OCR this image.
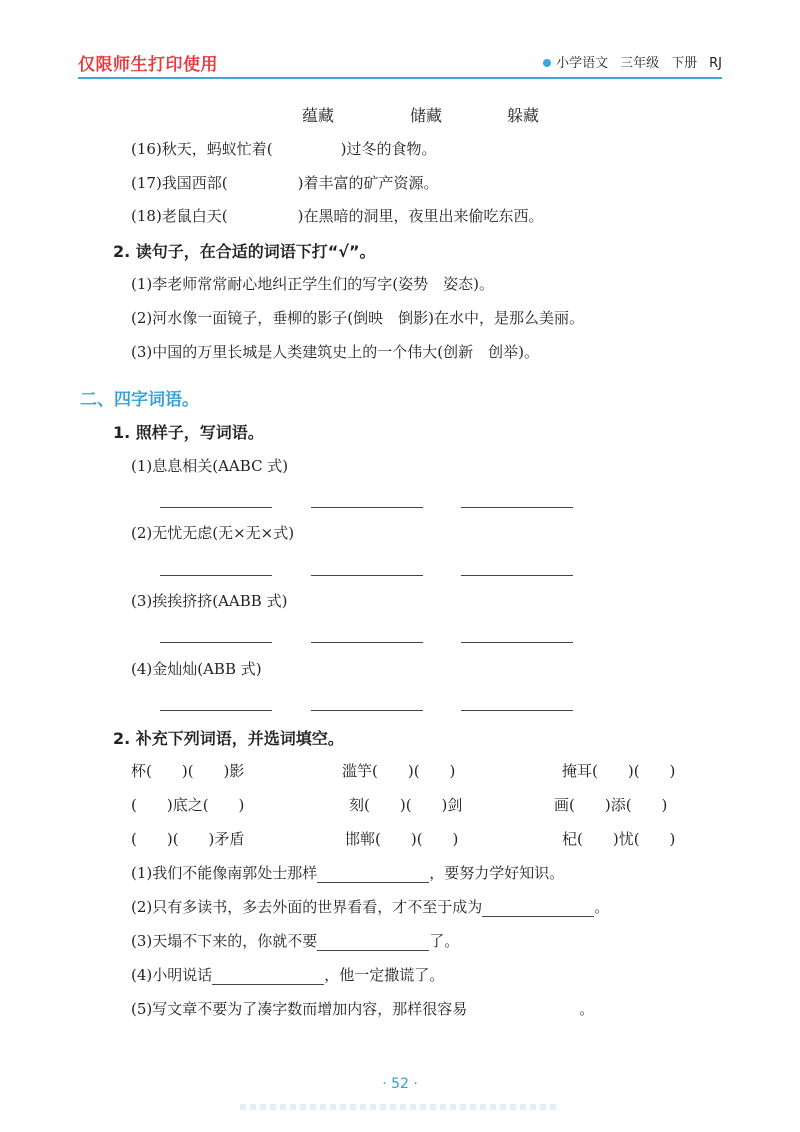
仅限师生打印使用	小学语文 三年级 下册 RJ
蕴藏	储藏	躲藏
(16)秋天，蚂蚁忙着(	)过冬的食物。
(17)我国西部(	)着丰富的矿产资源。
(18)老鼠白天(	)在黑暗的洞里，夜里出来偷吃东西。
2. 读句子，在合适的词语下打“√”。
(1)李老师常常耐心地纠正学生们的写字(姿势　姿态)。
(2)河水像一面镜子，垂柳的影子(倒映　倒影)在水中，是那么美丽。
(3)中国的万里长城是人类建筑史上的一个伟大(创新　创举)。
二、四字词语。
1. 照样子，写词语。
(1)息息相关(AABC 式)
(2)无忧无虑(无×无×式)
(3)挨挨挤挤(AABB 式)
(4)金灿灿(ABB 式)
2. 补充下列词语，并选词填空。
杯(　　)(　　)影	滥竽(　　)(　　)	掩耳(　　)(　　)
(　　)底之(　　)	刻(　　)(　　)剑	画(　　)添(　　)
(　　)(　　)矛盾	邯郸(　　)(　　)	杞(　　)忧(　　)
(1)我们不能像南郭处士那样	，要努力学好知识。
(2)只有多读书，多去外面的世界看看，才不至于成为	。
(3)天塌不下来的，你就不要	了。
(4)小明说话	，他一定撒谎了。
(5)写文章不要为了凑字数而增加内容，那样很容易	。
· 52 ·
